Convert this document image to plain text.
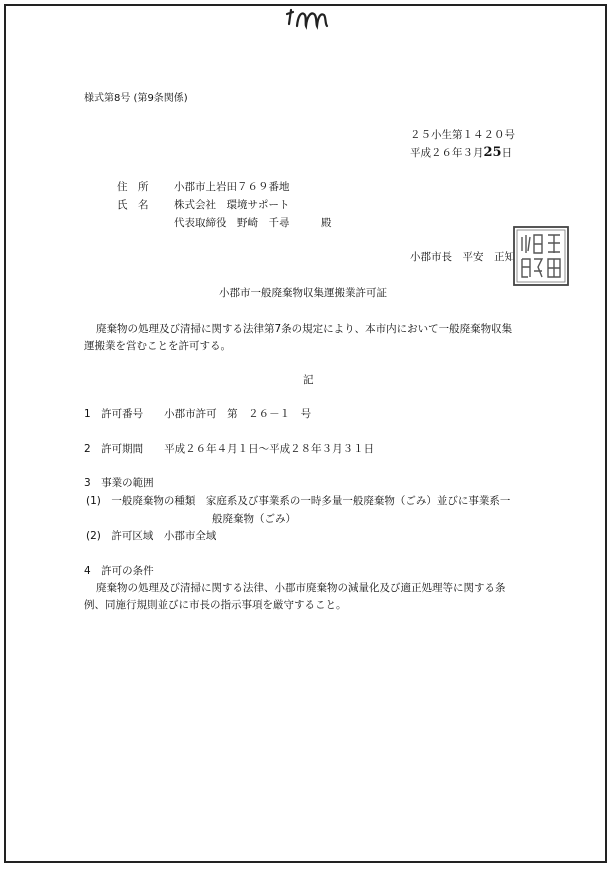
様式第8号 (第9条関係)
２５小生第１４２０号
平成２６年３月25日
住　所 小郡市上岩田７６９番地
氏　名 株式会社　環境サポート
代表取締役　野崎　千尋	殿
小郡市長　平安　正知
小郡市一般廃棄物収集運搬業許可証
廃棄物の処理及び清掃に関する法律第7条の規定により、本市内において一般廃棄物収集
運搬業を営むことを許可する。
記
1　許可番号　　小郡市許可　第　２６－１　号
2　許可期間　　平成２６年４月１日～平成２８年３月３１日
3　事業の範囲
(1)　一般廃棄物の種類　家庭系及び事業系の一時多量一般廃棄物（ごみ）並びに事業系一
般廃棄物（ごみ）
(2)　許可区域　小郡市全域
4　許可の条件
廃棄物の処理及び清掃に関する法律、小郡市廃棄物の減量化及び適正処理等に関する条
例、同施行規則並びに市長の指示事項を厳守すること。
